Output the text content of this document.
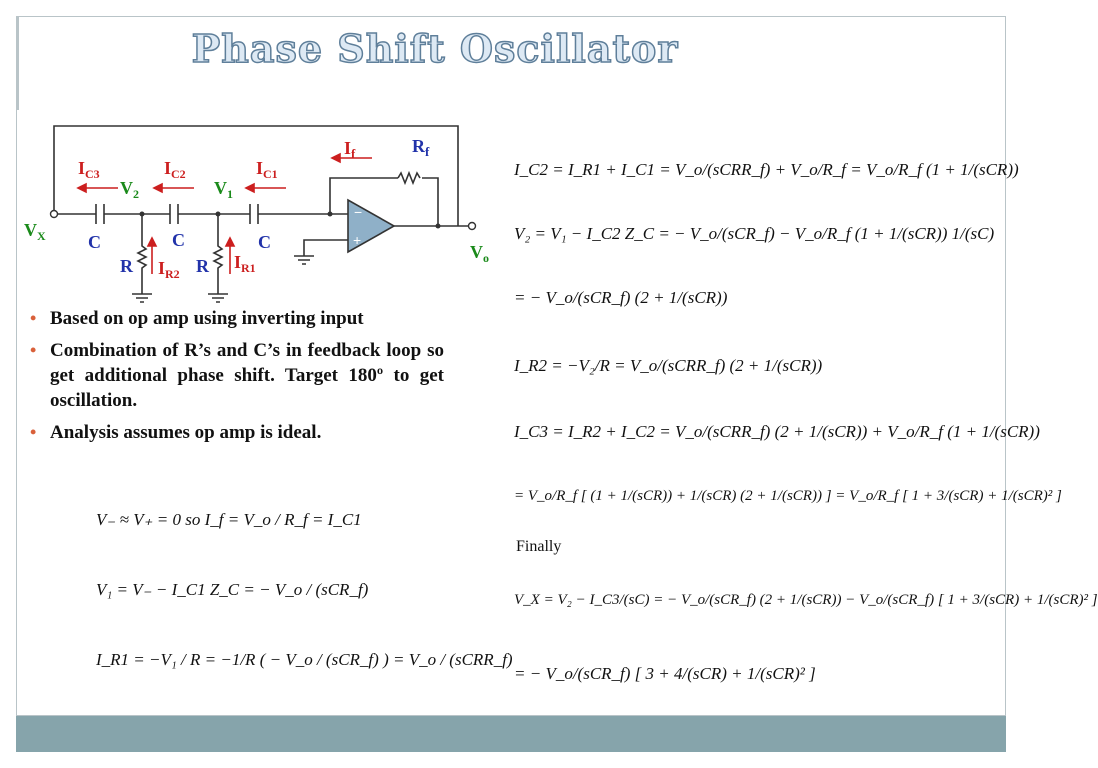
Phase Shift Oscillator
−
+
$I_f$	$R_f$
$I_{C3}$	$I_{C2}$	$I_{C1}$
$V_2$	$V_1$
$V_X$
$V_o$
C	C	C
R	R
$I_{R2}$
$I_{R1}$
• Based on op amp using inverting input
• Combination of R’s and C’s in feedback loop so get additional phase shift. Target 180º to get oscillation.
• Analysis assumes op amp is ideal.
V₋ ≈ V₊ = 0 so I_f = V_o / R_f = I_C1
V₁ = V₋ − I_C1 Z_C = − V_o / (sCR_f)
I_R1 = −V₁ / R = −1/R ( − V_o / (sCR_f) ) = V_o / (sCRR_f)
I_C2 = I_R1 + I_C1 = V_o/(sCRR_f) + V_o/R_f = V_o/R_f (1 + 1/(sCR))
V₂ = V₁ − I_C2 Z_C = − V_o/(sCR_f) − V_o/R_f (1 + 1/(sCR)) 1/(sC)
= − V_o/(sCR_f) (2 + 1/(sCR))
I_R2 = −V₂/R = V_o/(sCRR_f) (2 + 1/(sCR))
I_C3 = I_R2 + I_C2 = V_o/(sCRR_f) (2 + 1/(sCR)) + V_o/R_f (1 + 1/(sCR))
= V_o/R_f [ (1 + 1/(sCR)) + 1/(sCR) (2 + 1/(sCR)) ] = V_o/R_f [ 1 + 3/(sCR) + 1/(sCR)² ]
Finally
V_X = V₂ − I_C3/(sC) = − V_o/(sCR_f) (2 + 1/(sCR)) − V_o/(sCR_f) [ 1 + 3/(sCR) + 1/(sCR)² ]
= − V_o/(sCR_f) [ 3 + 4/(sCR) + 1/(sCR)² ]
